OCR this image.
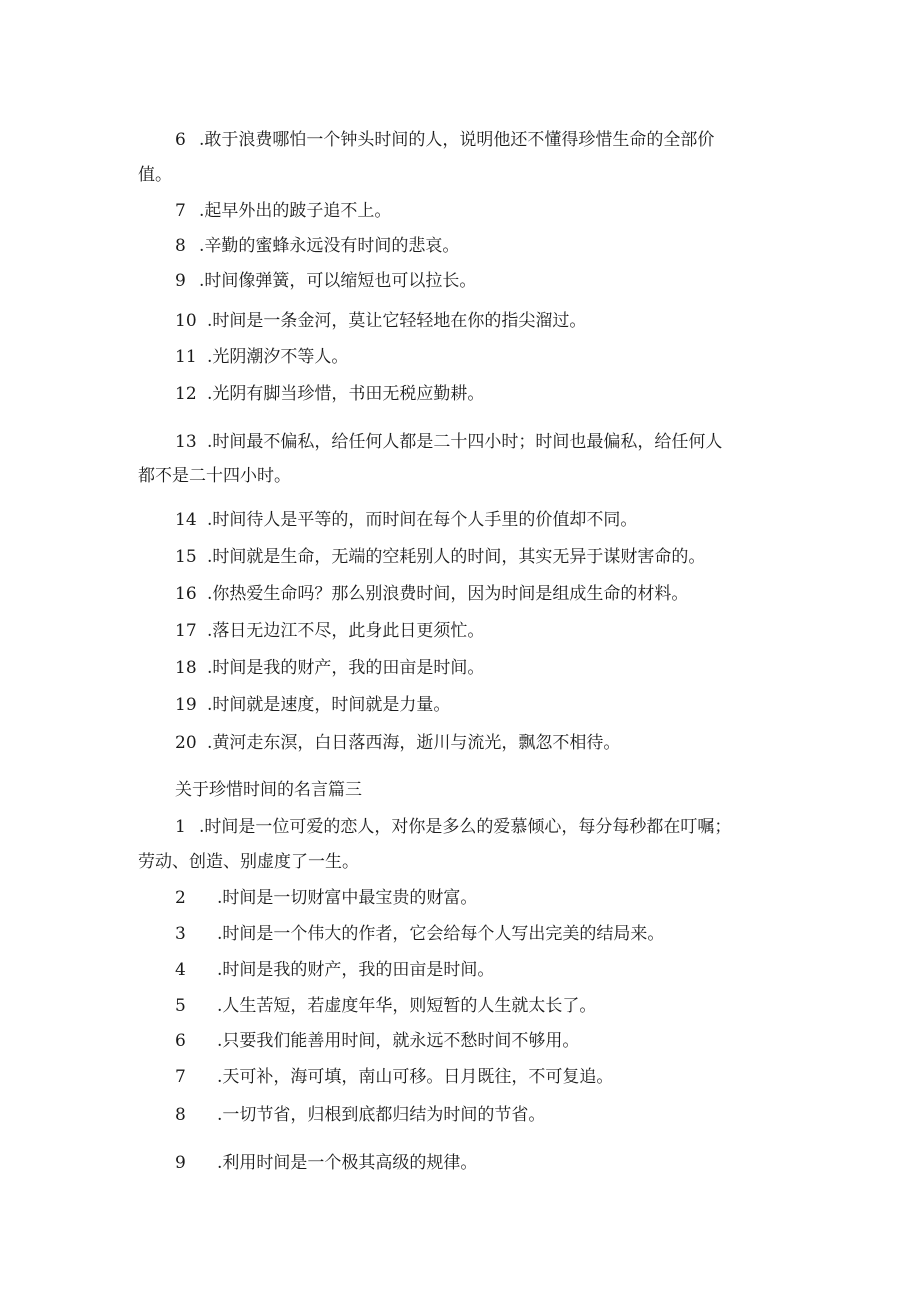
6 .敢于浪费哪怕一个钟头时间的人，说明他还不懂得珍惜生命的全部价
值。
7 .起早外出的跛子追不上。
8 .辛勤的蜜蜂永远没有时间的悲哀。
9 .时间像弹簧，可以缩短也可以拉长。
10 .时间是一条金河，莫让它轻轻地在你的指尖溜过。
11 .光阴潮汐不等人。
12 .光阴有脚当珍惜，书田无税应勤耕。
13 .时间最不偏私，给任何人都是二十四小时；时间也最偏私，给任何人
都不是二十四小时。
14 .时间待人是平等的，而时间在每个人手里的价值却不同。
15 .时间就是生命，无端的空耗别人的时间，其实无异于谋财害命的。
16 .你热爱生命吗？那么别浪费时间，因为时间是组成生命的材料。
17 .落日无边江不尽，此身此日更须忙。
18 .时间是我的财产，我的田亩是时间。
19 .时间就是速度，时间就是力量。
20 .黄河走东溟，白日落西海，逝川与流光，飘忽不相待。
关于珍惜时间的名言篇三
1 .时间是一位可爱的恋人，对你是多么的爱慕倾心，每分每秒都在叮嘱；
劳动、创造、别虚度了一生。
2 .时间是一切财富中最宝贵的财富。
3 .时间是一个伟大的作者，它会给每个人写出完美的结局来。
4 .时间是我的财产，我的田亩是时间。
5 .人生苦短，若虚度年华，则短暂的人生就太长了。
6 .只要我们能善用时间，就永远不愁时间不够用。
7 .天可补，海可填，南山可移。日月既往，不可复追。
8 .一切节省，归根到底都归结为时间的节省。
9 .利用时间是一个极其高级的规律。
